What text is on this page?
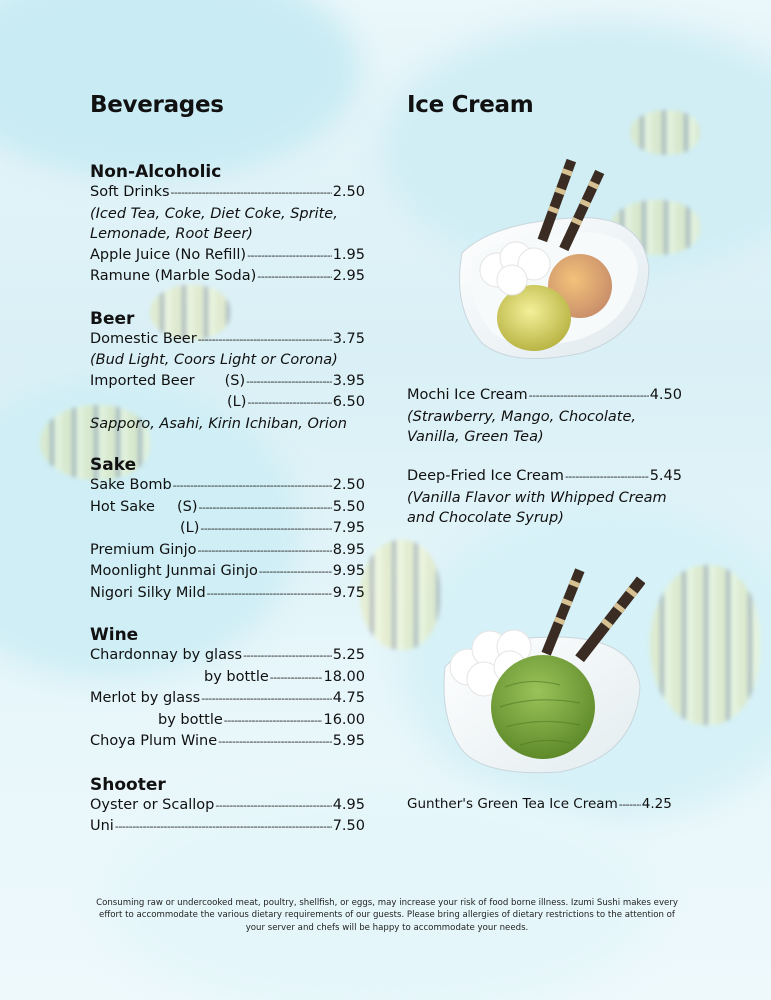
Beverages
Non-Alcoholic
Soft Drinks -----	2.50
(Iced Tea, Coke, Diet Coke, Sprite, Lemonade, Root Beer)
Apple Juice (No Refill) -----	1.95
Ramune (Marble Soda) -----	2.95
Beer
Domestic Beer -----	3.75
(Bud Light, Coors Light or Corona)
Imported Beer (S) -----	3.95
(L) -----	6.50
Sapporo, Asahi, Kirin Ichiban, Orion
Sake
Sake Bomb -----	2.50
Hot Sake (S) -----	5.50
(L) -----	7.95
Premium Ginjo -----	8.95
Moonlight Junmai Ginjo -----	9.95
Nigori Silky Mild -----	9.75
Wine
Chardonnay by glass -----	5.25
by bottle -----	18.00
Merlot by glass -----	4.75
by bottle -----	16.00
Choya Plum Wine -----	5.95
Shooter
Oyster or Scallop -----	4.95
Uni -----	7.50
Ice Cream
Mochi Ice Cream -----	4.50
(Strawberry, Mango, Chocolate, Vanilla, Green Tea)
Deep-Fried Ice Cream -----	5.45
(Vanilla Flavor with Whipped Cream and Chocolate Syrup)
Gunther's Green Tea Ice Cream ----- 4.25
Consuming raw or undercooked meat, poultry, shellfish, or eggs, may increase your risk of food borne illness. Izumi Sushi makes every effort to accommodate the various dietary requirements of our guests. Please bring allergies of dietary restrictions to the attention of your server and chefs will be happy to accommodate your needs.
